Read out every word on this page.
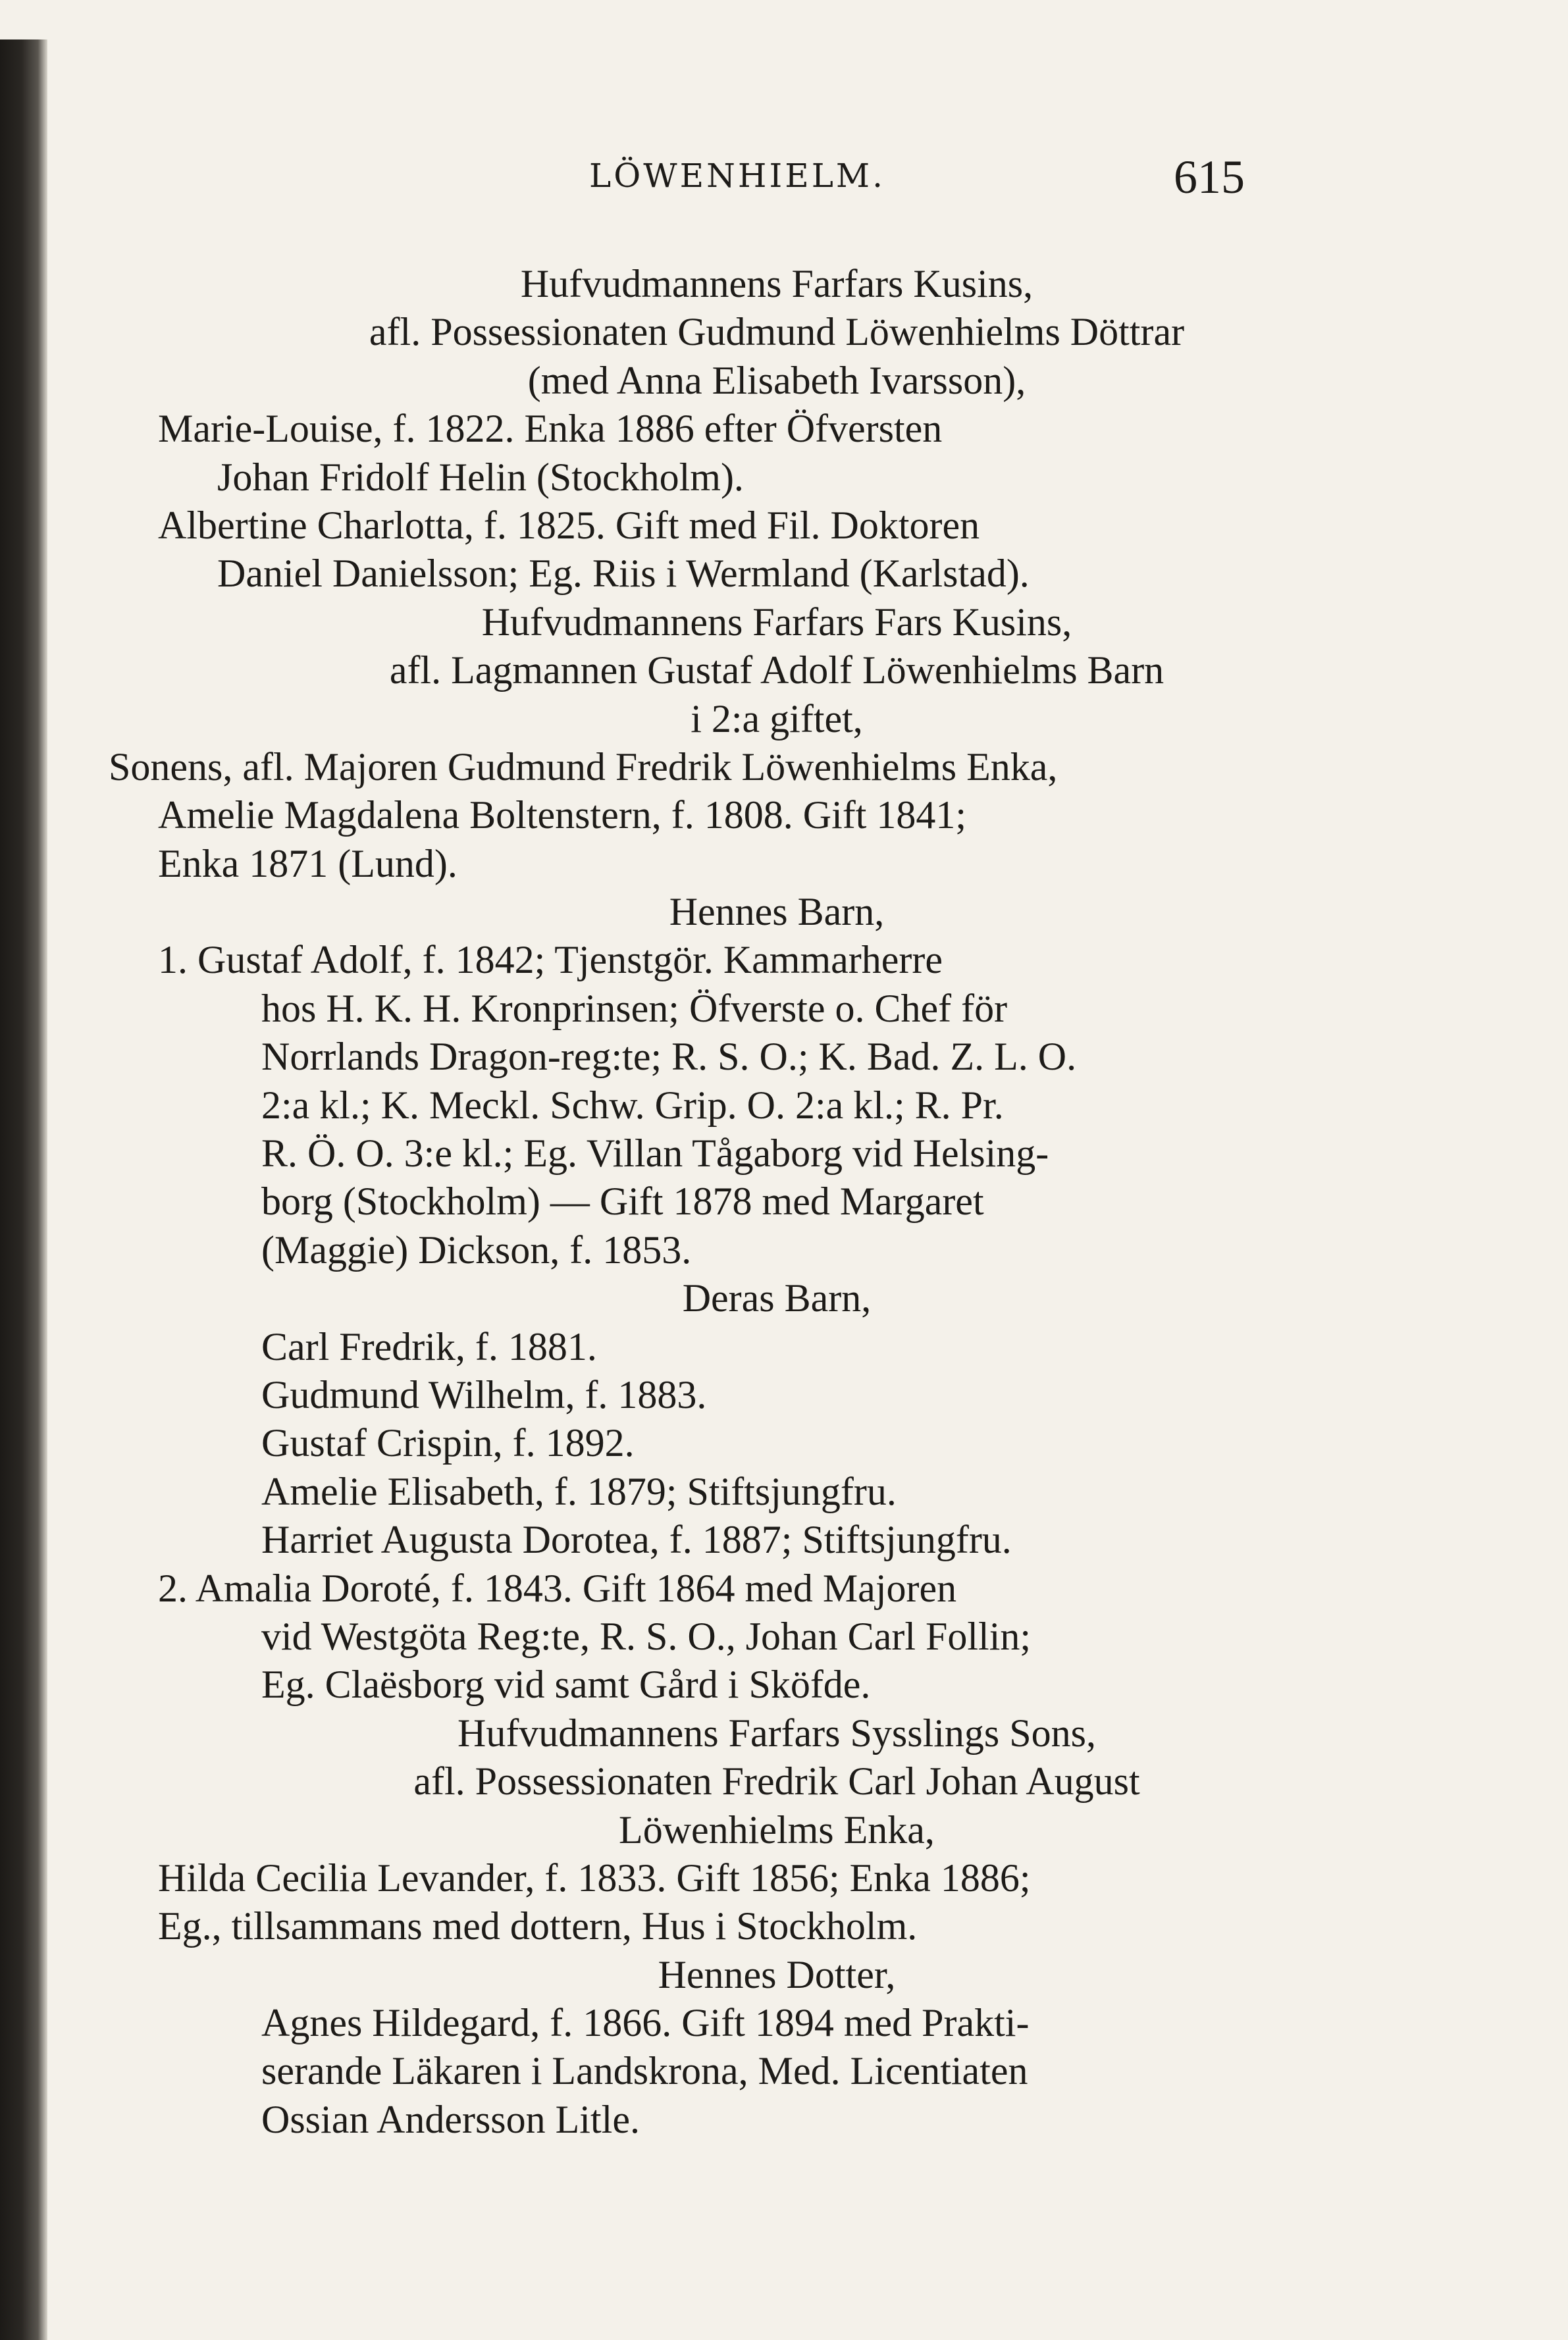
LÖWENHIELM.	615
Hufvudmannens Farfars Kusins,
afl. Possessionaten Gudmund Löwenhielms Döttrar
(med Anna Elisabeth Ivarsson),
Marie-Louise, f. 1822. Enka 1886 efter Öfversten
Johan Fridolf Helin (Stockholm).
Albertine Charlotta, f. 1825. Gift med Fil. Doktoren
Daniel Danielsson; Eg. Riis i Wermland (Karlstad).
Hufvudmannens Farfars Fars Kusins,
afl. Lagmannen Gustaf Adolf Löwenhielms Barn
i 2:a giftet,
Sonens, afl. Majoren Gudmund Fredrik Löwenhielms Enka,
Amelie Magdalena Boltenstern, f. 1808. Gift 1841;
Enka 1871 (Lund).
Hennes Barn,
1. Gustaf Adolf, f. 1842; Tjenstgör. Kammarherre
hos H. K. H. Kronprinsen; Öfverste o. Chef för
Norrlands Dragon-reg:te; R. S. O.; K. Bad. Z. L. O.
2:a kl.; K. Meckl. Schw. Grip. O. 2:a kl.; R. Pr.
R. Ö. O. 3:e kl.; Eg. Villan Tågaborg vid Helsing-
borg (Stockholm) — Gift 1878 med Margaret
(Maggie) Dickson, f. 1853.
Deras Barn,
Carl Fredrik, f. 1881.
Gudmund Wilhelm, f. 1883.
Gustaf Crispin, f. 1892.
Amelie Elisabeth, f. 1879; Stiftsjungfru.
Harriet Augusta Dorotea, f. 1887; Stiftsjungfru.
2. Amalia Doroté, f. 1843. Gift 1864 med Majoren
vid Westgöta Reg:te, R. S. O., Johan Carl Follin;
Eg. Claësborg vid samt Gård i Sköfde.
Hufvudmannens Farfars Sysslings Sons,
afl. Possessionaten Fredrik Carl Johan August
Löwenhielms Enka,
Hilda Cecilia Levander, f. 1833. Gift 1856; Enka 1886;
Eg., tillsammans med dottern, Hus i Stockholm.
Hennes Dotter,
Agnes Hildegard, f. 1866. Gift 1894 med Prakti-
serande Läkaren i Landskrona, Med. Licentiaten
Ossian Andersson Litle.
